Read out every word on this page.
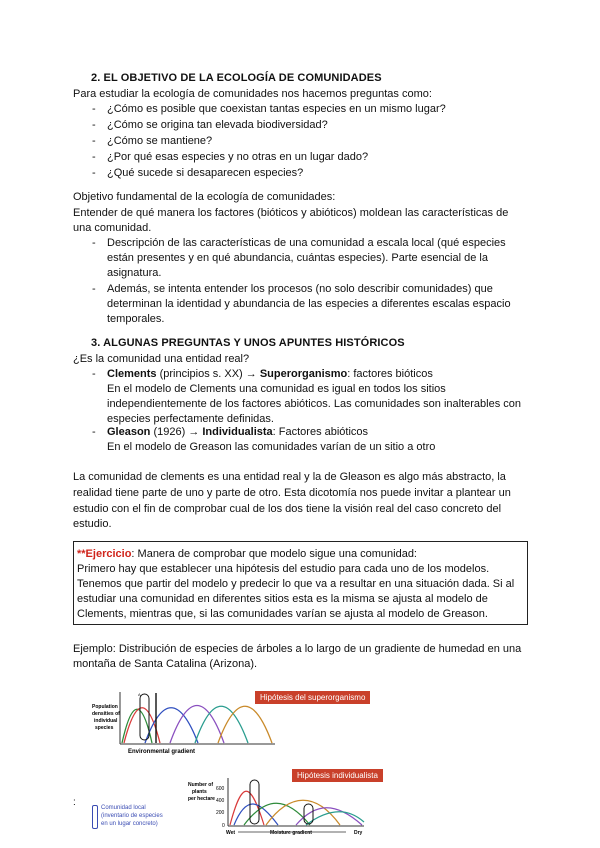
2. EL OBJETIVO DE LA ECOLOGÍA DE COMUNIDADES
Para estudiar la ecología de comunidades nos hacemos preguntas como:
- ¿Cómo es posible que coexistan tantas especies en un mismo lugar?
- ¿Cómo se origina tan elevada biodiversidad?
- ¿Cómo se mantiene?
- ¿Por qué esas especies y no otras en un lugar dado?
- ¿Qué sucede si desaparecen especies?
Objetivo fundamental de la ecología de comunidades:
Entender de qué manera los factores (bióticos y abióticos) moldean las características de
una comunidad.
- Descripción de las características de una comunidad a escala local (qué especies
están presentes y en qué abundancia, cuántas especies). Parte esencial de la
asignatura.
- Además, se intenta entender los procesos (no solo describir comunidades) que
determinan la identidad y abundancia de las especies a diferentes escalas espacio
temporales.
3. ALGUNAS PREGUNTAS Y UNOS APUNTES HISTÓRICOS
¿Es la comunidad una entidad real?
- Clements (principios s. XX) → Superorganismo: factores bióticos
En el modelo de Clements una comunidad es igual en todos los sitios
independientemente de los factores abióticos. Las comunidades son inalterables con
especies perfectamente definidas.
- Gleason (1926) → Individualista: Factores abióticos
En el modelo de Greason las comunidades varían de un sitio a otro
La comunidad de clements es una entidad real y la de Gleason es algo más abstracto, la
realidad tiene parte de uno y parte de otro. Esta dicotomía nos puede invitar a plantear un
estudio con el fin de comprobar cual de los dos tiene la visión real del caso concreto del
estudio.
**Ejercicio: Manera de comprobar que modelo sigue una comunidad:
Primero hay que establecer una hipótesis del estudio para cada uno de los modelos.
Tenemos que partir del modelo y predecir lo que va a resultar en una situación dada. Si al
estudiar una comunidad en diferentes sitios esta es la misma se ajusta al modelo de
Clements, mientras que, si las comunidades varían se ajusta al modelo de Greason.
Ejemplo: Distribución de especies de árboles a lo largo de un gradiente de humedad en una
montaña de Santa Catalina (Arizona).
Population
densities of
individual
species
Environmental gradient
A	Hipótesis del superorganismo
Number of
plants
per hectare
600
400
200
0
Wet	Moisture gradient	Dry
Hipótesis individualista
:	Comunidad local
(inventario de especies
en un lugar concreto)
